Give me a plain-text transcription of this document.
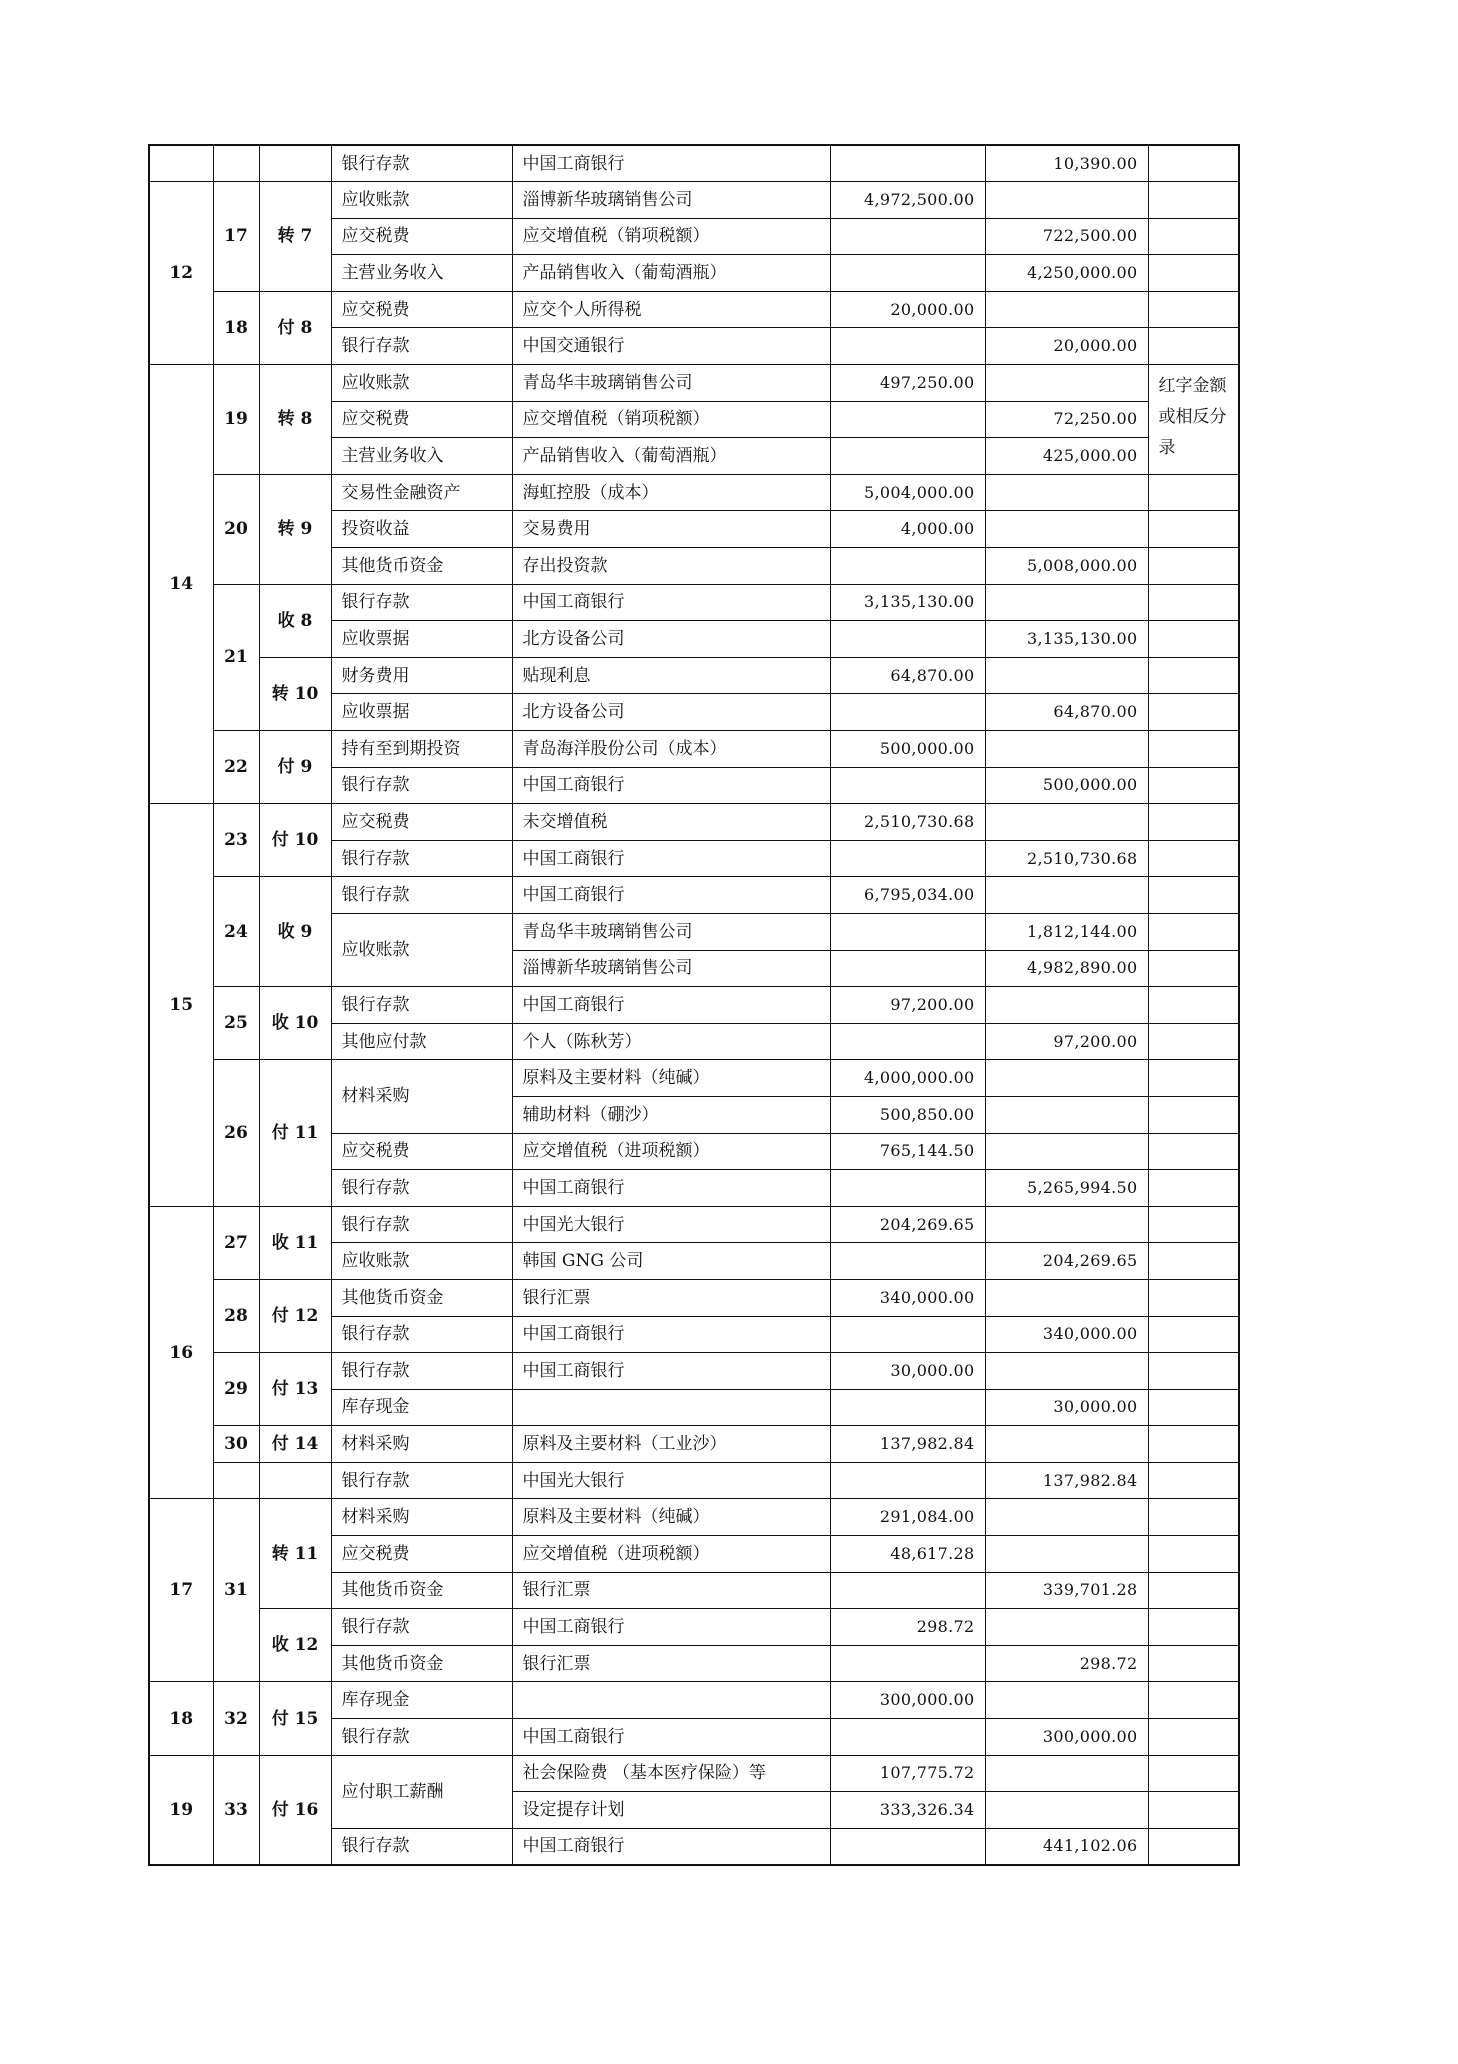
			银行存款	中国工商银行		10,390.00	
12	17	转 7	应收账款	淄博新华玻璃销售公司	4,972,500.00		
			应交税费	应交增值税（销项税额）		722,500.00	
			主营业务收入	产品销售收入（葡萄酒瓶）		4,250,000.00	
	18	付 8	应交税费	应交个人所得税	20,000.00		
			银行存款	中国交通银行		20,000.00	
14	19	转 8	应收账款	青岛华丰玻璃销售公司	497,250.00		红字金额或相反分录
			应交税费	应交增值税（销项税额）		72,250.00	
			主营业务收入	产品销售收入（葡萄酒瓶）		425,000.00	
	20	转 9	交易性金融资产	海虹控股（成本）	5,004,000.00		
			投资收益	交易费用	4,000.00		
			其他货币资金	存出投资款		5,008,000.00	
	21	收 8	银行存款	中国工商银行	3,135,130.00		
			应收票据	北方设备公司		3,135,130.00	
		转 10	财务费用	贴现利息	64,870.00		
			应收票据	北方设备公司		64,870.00	
	22	付 9	持有至到期投资	青岛海洋股份公司（成本）	500,000.00		
			银行存款	中国工商银行		500,000.00	
15	23	付 10	应交税费	未交增值税	2,510,730.68		
			银行存款	中国工商银行		2,510,730.68	
	24	收 9	银行存款	中国工商银行	6,795,034.00		
			应收账款	青岛华丰玻璃销售公司		1,812,144.00	
				淄博新华玻璃销售公司		4,982,890.00	
	25	收 10	银行存款	中国工商银行	97,200.00		
			其他应付款	个人（陈秋芳）		97,200.00	
	26	付 11	材料采购	原料及主要材料（纯碱）	4,000,000.00		
				辅助材料（硼沙）	500,850.00		
			应交税费	应交增值税（进项税额）	765,144.50		
			银行存款	中国工商银行		5,265,994.50	
16	27	收 11	银行存款	中国光大银行	204,269.65		
			应收账款	韩国 GNG 公司		204,269.65	
	28	付 12	其他货币资金	银行汇票	340,000.00		
			银行存款	中国工商银行		340,000.00	
	29	付 13	银行存款	中国工商银行	30,000.00		
			库存现金			30,000.00	
	30	付 14	材料采购	原料及主要材料（工业沙）	137,982.84		
			银行存款	中国光大银行		137,982.84	
17	31	转 11	材料采购	原料及主要材料（纯碱）	291,084.00		
			应交税费	应交增值税（进项税额）	48,617.28		
			其他货币资金	银行汇票		339,701.28	
		收 12	银行存款	中国工商银行	298.72		
			其他货币资金	银行汇票		298.72	
18	32	付 15	库存现金		300,000.00		
			银行存款	中国工商银行		300,000.00	
19	33	付 16	应付职工薪酬	社会保险费 （基本医疗保险）等	107,775.72		
				设定提存计划	333,326.34		
			银行存款	中国工商银行		441,102.06	
